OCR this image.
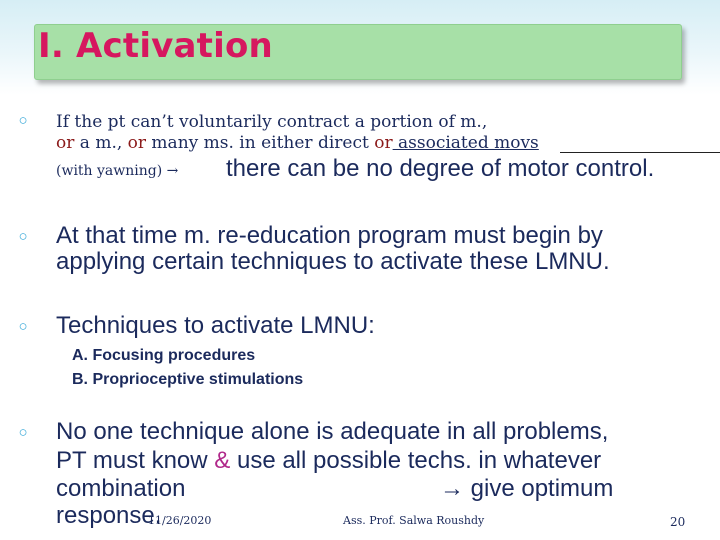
I. Activation
○ If the pt can’t voluntarily contract a portion of m.,
or a m., or many ms. in either direct or associated movs
(with yawning) → there can be no degree of motor control.
○ At that time m. re-education program must begin by
applying certain techniques to activate these LMNU.
○ Techniques to activate LMNU:
A. Focusing procedures
B. Proprioceptive stimulations
○ No one technique alone is adequate in all problems,
PT must know & use all possible techs. in whatever
combination	→ give optimum
response.
11/26/2020	Ass. Prof. Salwa Roushdy	20
